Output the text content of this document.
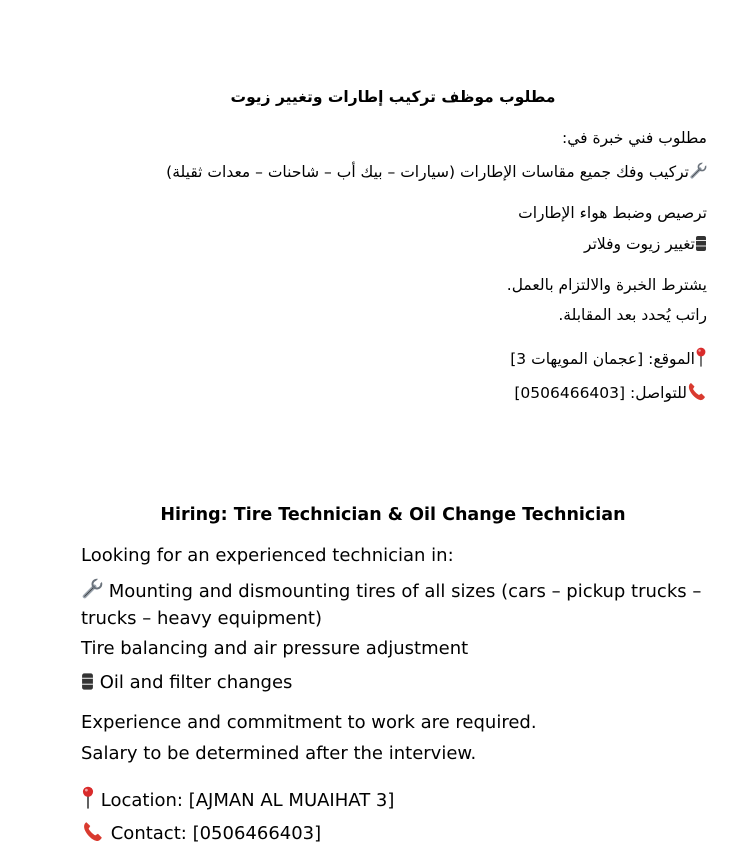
مطلوب موظف تركيب إطارات وتغيير زيوت
مطلوب فني خبرة في:
تركيب وفك جميع مقاسات الإطارات (سيارات – بيك أب – شاحنات – معدات ثقيلة)
ترصيص وضبط هواء الإطارات
تغيير زيوت وفلاتر
يشترط الخبرة والالتزام بالعمل.
راتب يُحدد بعد المقابلة.
الموقع: [عجمان المويهات 3]
للتواصل: [0506466403]
Hiring: Tire Technician & Oil Change Technician
Looking for an experienced technician in:
Mounting and dismounting tires of all sizes (cars – pickup trucks –
trucks – heavy equipment)
Tire balancing and air pressure adjustment
Oil and filter changes
Experience and commitment to work are required.
Salary to be determined after the interview.
Location: [AJMAN AL MUAIHAT 3]
Contact: [0506466403]
